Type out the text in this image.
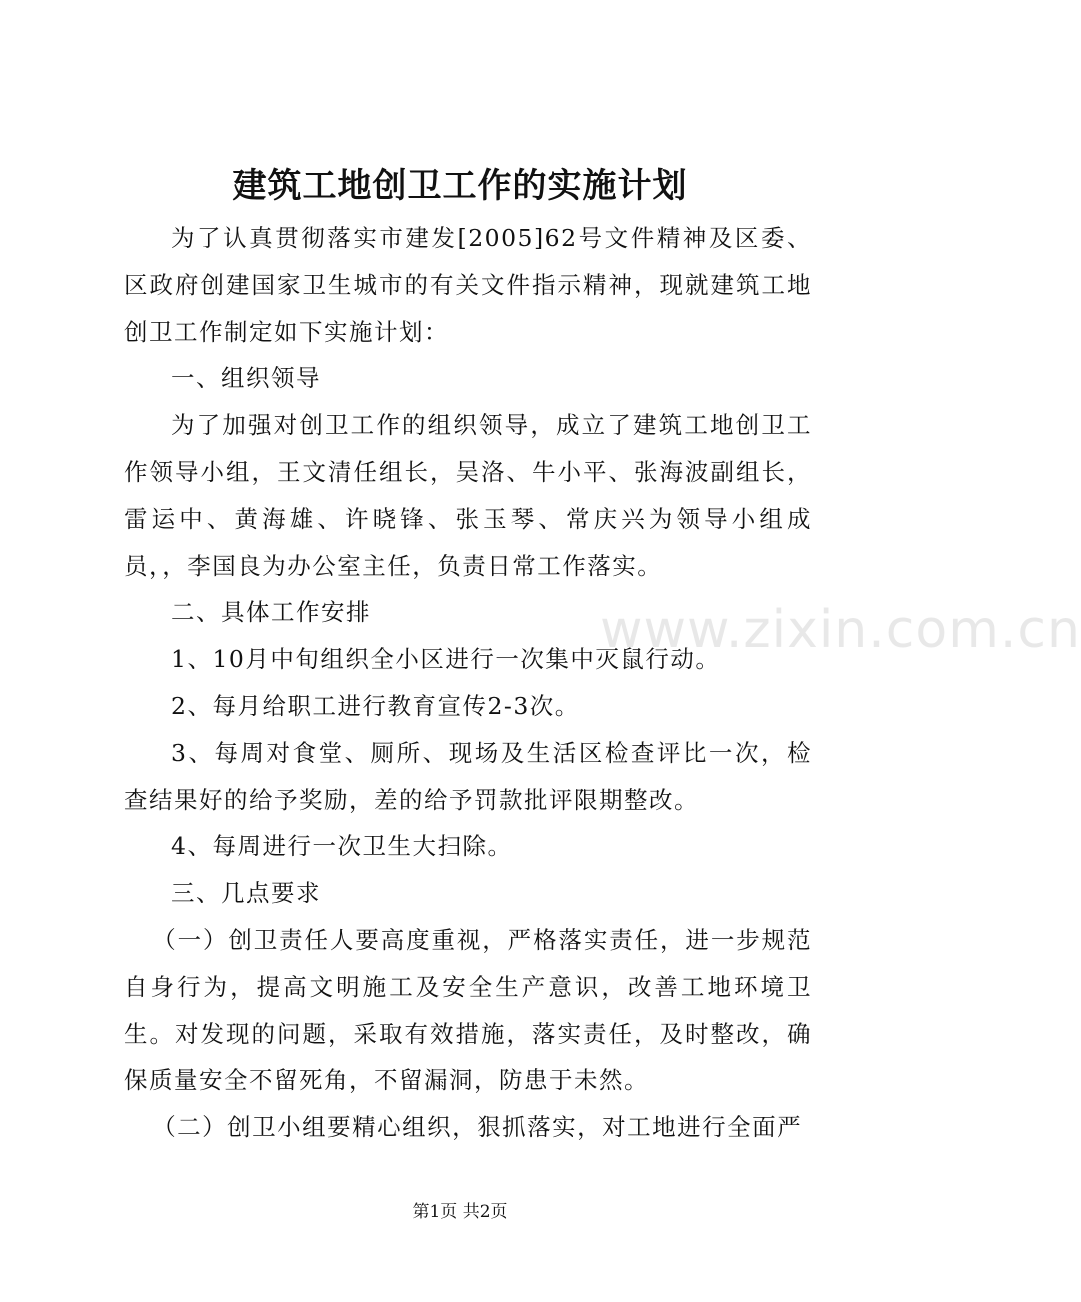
建筑工地创卫工作的实施计划

为了认真贯彻落实市建发[2005]62号文件精神及区委、区政府创建国家卫生城市的有关文件指示精神，现就建筑工地创卫工作制定如下实施计划：

一、组织领导

为了加强对创卫工作的组织领导，成立了建筑工地创卫工作领导小组，王文清任组长，吴洛、牛小平、张海波副组长，雷运中、黄海雄、许晓锋、张玉琴、常庆兴为领导小组成员，，李国良为办公室主任，负责日常工作落实。

二、具体工作安排

1、10月中旬组织全小区进行一次集中灭鼠行动。

2、每月给职工进行教育宣传2-3次。

3、每周对食堂、厕所、现场及生活区检查评比一次，检查结果好的给予奖励，差的给予罚款批评限期整改。

4、每周进行一次卫生大扫除。

三、几点要求

（一）创卫责任人要高度重视，严格落实责任，进一步规范自身行为，提高文明施工及安全生产意识，改善工地环境卫生。对发现的问题，采取有效措施，落实责任，及时整改，确保质量安全不留死角，不留漏洞，防患于未然。

（二）创卫小组要精心组织，狠抓落实，对工地进行全面严

www.zixin.com.cn
第1页 共2页
